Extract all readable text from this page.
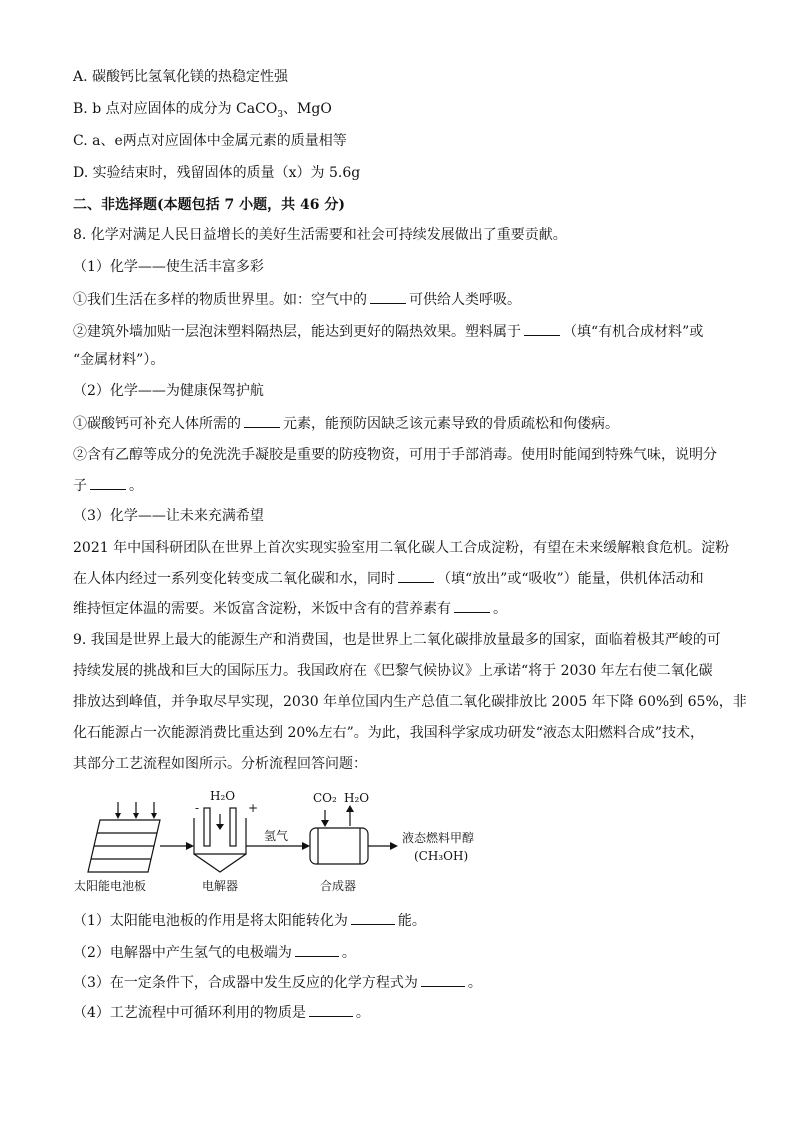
A. 碳酸钙比氢氧化镁的热稳定性强
B. b 点对应固体的成分为 CaCO$_3$、MgO
C. a、e两点对应固体中金属元素的质量相等
D. 实验结束时，残留固体的质量（x）为 5.6g
二、非选择题(本题包括 7 小题，共 46 分)
8. 化学对满足人民日益增长的美好生活需要和社会可持续发展做出了重要贡献。
（1）化学——使生活丰富多彩
①我们生活在多样的物质世界里。如：空气中的	可供给人类呼吸。
②建筑外墙加贴一层泡沫塑料隔热层，能达到更好的隔热效果。塑料属于	（填“有机合成材料”或
“金属材料”）。
（2）化学——为健康保驾护航
①碳酸钙可补充人体所需的	元素，能预防因缺乏该元素导致的骨质疏松和佝偻病。
②含有乙醇等成分的免洗洗手凝胶是重要的防疫物资，可用于手部消毒。使用时能闻到特殊气味，说明分
子	。
（3）化学——让未来充满希望
2021 年中国科研团队在世界上首次实现实验室用二氧化碳人工合成淀粉，有望在未来缓解粮食危机。淀粉
在人体内经过一系列变化转变成二氧化碳和水，同时	（填“放出”或“吸收”）能量，供机体活动和
维持恒定体温的需要。米饭富含淀粉，米饭中含有的营养素有	。
9. 我国是世界上最大的能源生产和消费国，也是世界上二氧化碳排放量最多的国家，面临着极其严峻的可
持续发展的挑战和巨大的国际压力。我国政府在《巴黎气候协议》上承诺“将于 2030 年左右使二氧化碳
排放达到峰值，并争取尽早实现，2030 年单位国内生产总值二氧化碳排放比 2005 年下降 60%到 65%，非
化石能源占一次能源消费比重达到 20%左右”。为此，我国科学家成功研发“液态太阳燃料合成”技术，
其部分工艺流程如图所示。分析流程回答问题：
H₂O
-	+
氢气
CO₂ H₂O
液态燃料甲醇
(CH₃OH)
太阳能电池板	电解器	合成器
（1）太阳能电池板的作用是将太阳能转化为	能。
（2）电解器中产生氢气的电极端为	。
（3）在一定条件下，合成器中发生反应的化学方程式为	。
（4）工艺流程中可循环利用的物质是	。
